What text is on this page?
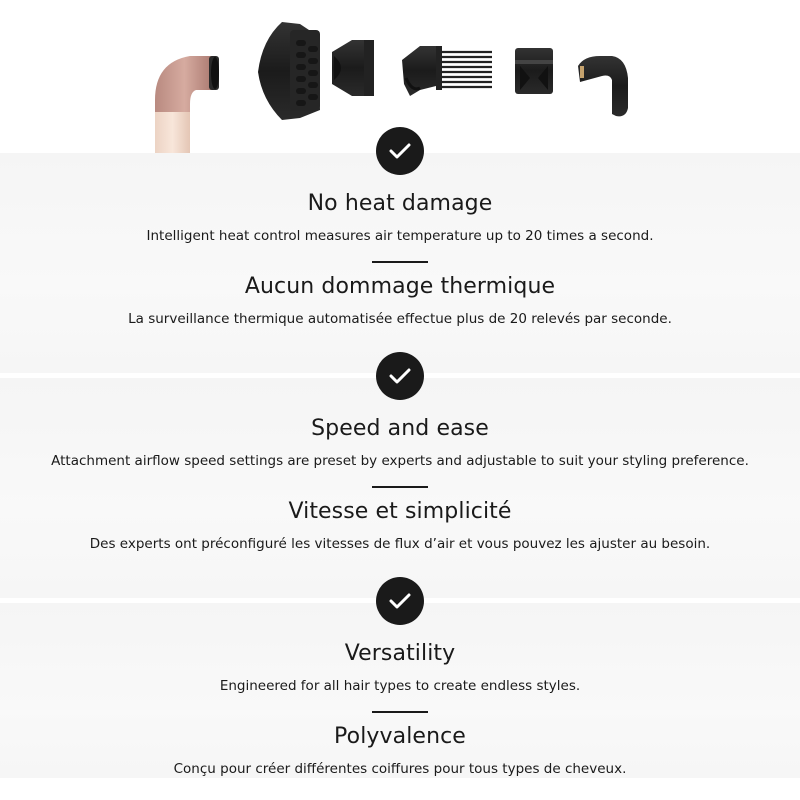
No heat damage
Intelligent heat control measures air temperature up to 20 times a second.
Aucun dommage thermique
La surveillance thermique automatisée effectue plus de 20 relevés par seconde.
Speed and ease
Attachment airflow speed settings are preset by experts and adjustable to suit your styling preference.
Vitesse et simplicité
Des experts ont préconfiguré les vitesses de flux d’air et vous pouvez les ajuster au besoin.
Versatility
Engineered for all hair types to create endless styles.
Polyvalence
Conçu pour créer différentes coiffures pour tous types de cheveux.
